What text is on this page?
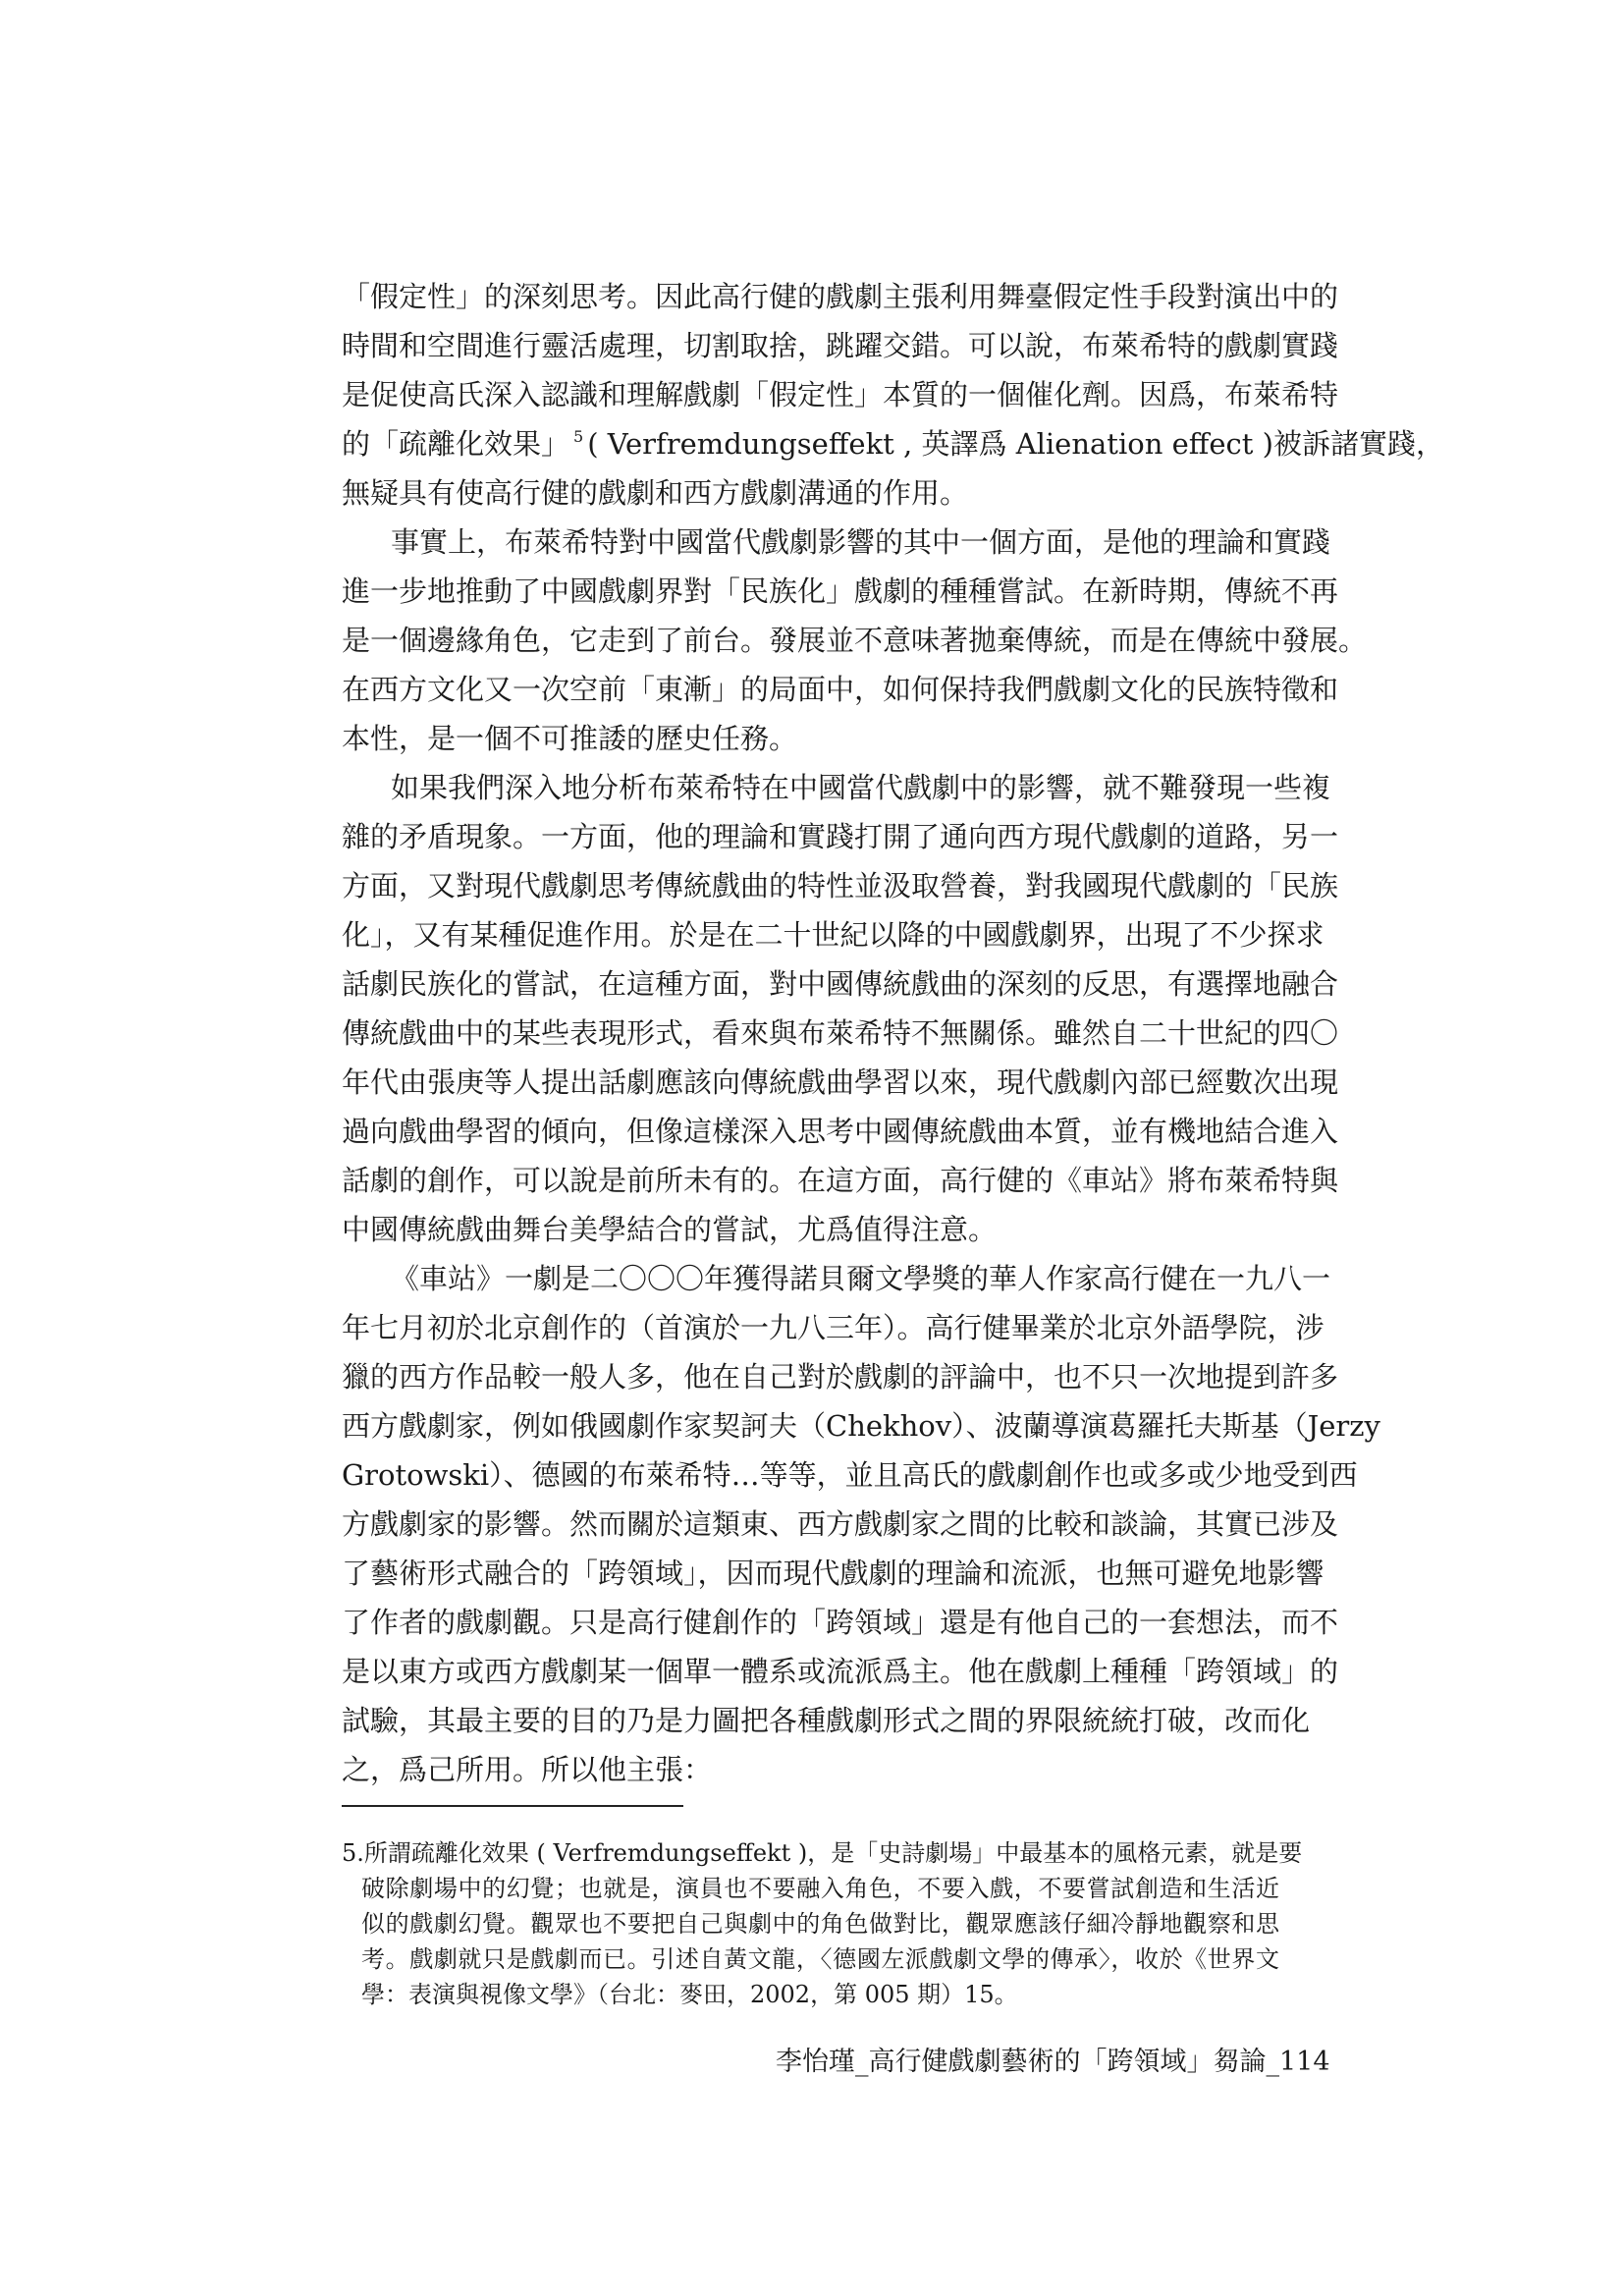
「假定性」的深刻思考。因此高行健的戲劇主張利用舞臺假定性手段對演出中的
時間和空間進行靈活處理，切割取捨，跳躍交錯。可以說，布萊希特的戲劇實踐
是促使高氏深入認識和理解戲劇「假定性」本質的一個催化劑。因爲，布萊希特
的「疏離化效果」 $^5$ ( Verfremdungseffekt , 英譯爲 Alienation effect )被訴諸實踐，
無疑具有使高行健的戲劇和西方戲劇溝通的作用。
事實上，布萊希特對中國當代戲劇影響的其中一個方面，是他的理論和實踐
進一步地推動了中國戲劇界對「民族化」戲劇的種種嘗試。在新時期，傳統不再
是一個邊緣角色，它走到了前台。發展並不意味著拋棄傳統，而是在傳統中發展。
在西方文化又一次空前「東漸」的局面中，如何保持我們戲劇文化的民族特徵和
本性，是一個不可推諉的歷史任務。
如果我們深入地分析布萊希特在中國當代戲劇中的影響，就不難發現一些複
雜的矛盾現象。一方面，他的理論和實踐打開了通向西方現代戲劇的道路，另一
方面，又對現代戲劇思考傳統戲曲的特性並汲取營養，對我國現代戲劇的「民族
化」，又有某種促進作用。於是在二十世紀以降的中國戲劇界，出現了不少探求
話劇民族化的嘗試，在這種方面，對中國傳統戲曲的深刻的反思，有選擇地融合
傳統戲曲中的某些表現形式，看來與布萊希特不無關係。雖然自二十世紀的四〇
年代由張庚等人提出話劇應該向傳統戲曲學習以來，現代戲劇內部已經數次出現
過向戲曲學習的傾向，但像這樣深入思考中國傳統戲曲本質，並有機地結合進入
話劇的創作，可以說是前所未有的。在這方面，高行健的《車站》將布萊希特與
中國傳統戲曲舞台美學結合的嘗試，尤爲值得注意。
《車站》一劇是二〇〇〇年獲得諾貝爾文學獎的華人作家高行健在一九八一
年七月初於北京創作的（首演於一九八三年）。高行健畢業於北京外語學院，涉
獵的西方作品較一般人多，他在自己對於戲劇的評論中，也不只一次地提到許多
西方戲劇家，例如俄國劇作家契訶夫（Chekhov）、波蘭導演葛羅托夫斯基（Jerzy
Grotowski）、德國的布萊希特…等等，並且高氏的戲劇創作也或多或少地受到西
方戲劇家的影響。然而關於這類東、西方戲劇家之間的比較和談論，其實已涉及
了藝術形式融合的「跨領域」，因而現代戲劇的理論和流派，也無可避免地影響
了作者的戲劇觀。只是高行健創作的「跨領域」還是有他自己的一套想法，而不
是以東方或西方戲劇某一個單一體系或流派爲主。他在戲劇上種種「跨領域」的
試驗，其最主要的目的乃是力圖把各種戲劇形式之間的界限統統打破，改而化
之，爲己所用。所以他主張：
5.所謂疏離化效果 ( Verfremdungseffekt )，是「史詩劇場」中最基本的風格元素，就是要
破除劇場中的幻覺；也就是，演員也不要融入角色，不要入戲，不要嘗試創造和生活近
似的戲劇幻覺。觀眾也不要把自己與劇中的角色做對比，觀眾應該仔細冷靜地觀察和思
考。戲劇就只是戲劇而已。引述自黃文龍，〈德國左派戲劇文學的傳承〉，收於《世界文
學：表演與視像文學》（台北：麥田，2002，第 005 期）15。
李怡瑾_高行健戲劇藝術的「跨領域」芻論_114
